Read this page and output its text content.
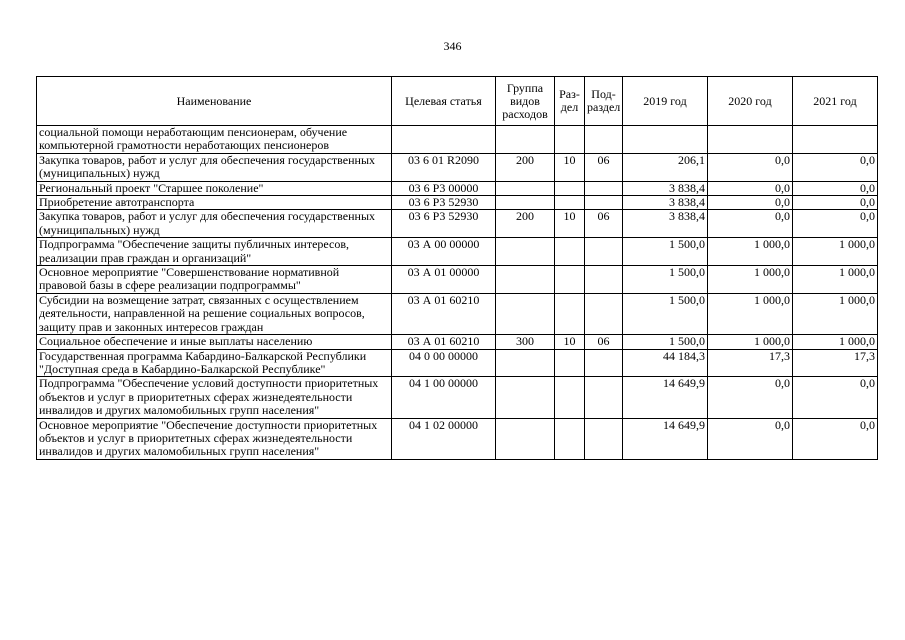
346
Наименование	Целевая статья	Группа видов расходов	Раз-дел	Под-раздел	2019 год	2020 год	2021 год
социальной помощи неработающим пенсионерам, обучение компьютерной грамотности неработающих пенсионеров							
Закупка товаров, работ и услуг для обеспечения государственных (муниципальных) нужд	03 6 01 R2090	200	10	06	206,1	0,0	0,0
Региональный проект "Старшее поколение"	03 6 P3 00000				3 838,4	0,0	0,0
Приобретение автотранспорта	03 6 P3 52930				3 838,4	0,0	0,0
Закупка товаров, работ и услуг для обеспечения государственных (муниципальных) нужд	03 6 P3 52930	200	10	06	3 838,4	0,0	0,0
Подпрограмма "Обеспечение защиты публичных интересов, реализации прав граждан и организаций"	03 А 00 00000				1 500,0	1 000,0	1 000,0
Основное мероприятие "Совершенствование нормативной правовой базы в сфере реализации подпрограммы"	03 А 01 00000				1 500,0	1 000,0	1 000,0
Субсидии на возмещение затрат, связанных с осуществлением деятельности, направленной на решение социальных вопросов, защиту прав и законных интересов граждан	03 А 01 60210				1 500,0	1 000,0	1 000,0
Социальное обеспечение и иные выплаты населению	03 А 01 60210	300	10	06	1 500,0	1 000,0	1 000,0
Государственная программа Кабардино-Балкарской Республики "Доступная среда в Кабардино-Балкарской Республике"	04 0 00 00000				44 184,3	17,3	17,3
Подпрограмма "Обеспечение условий доступности приоритетных объектов и услуг в приоритетных сферах жизнедеятельности инвалидов и других маломобильных групп населения"	04 1 00 00000				14 649,9	0,0	0,0
Основное мероприятие "Обеспечение доступности приоритетных объектов и услуг в приоритетных сферах жизнедеятельности инвалидов и других маломобильных групп населения"	04 1 02 00000				14 649,9	0,0	0,0
